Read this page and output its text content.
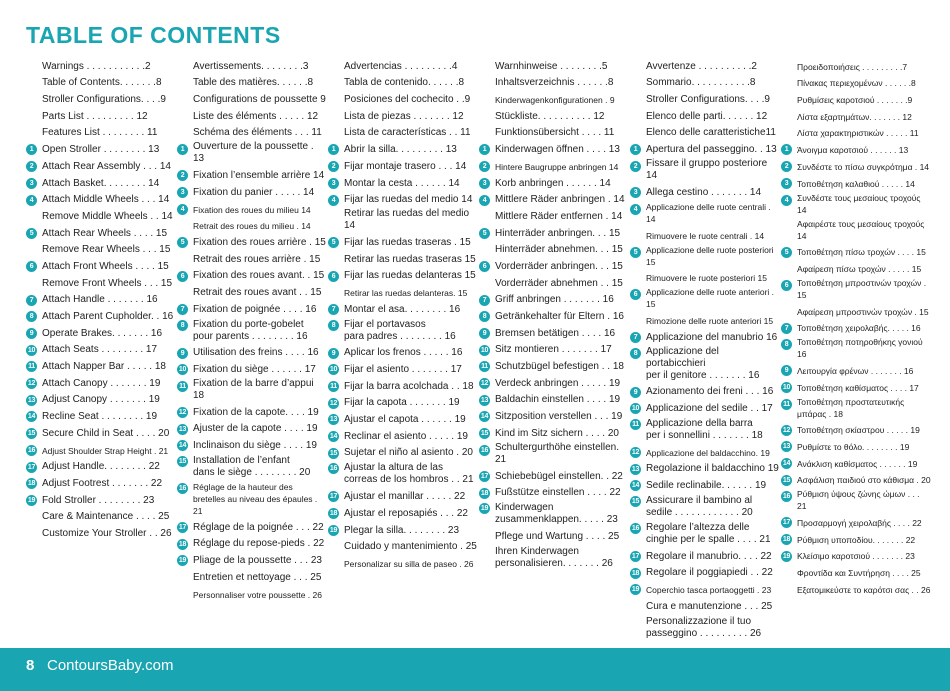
TABLE OF CONTENTS
Warnings . . . . . . . . . . .2
Table of Contents. . . . . . .8
Stroller Configurations. . . .9
Parts List . . . . . . . . . 12
Features List . . . . . . . . 11
1 Open Stroller . . . . . . . . 13
2 Attach Rear Assembly . . . 14
3 Attach Basket. . . . . . . . 14
4 Attach Middle Wheels . . . 14
Remove Middle Wheels . . 14
5 Attach Rear Wheels . . . . 15
Remove Rear Wheels . . . 15
6 Attach Front Wheels . . . . 15
Remove Front Wheels . . . 15
7 Attach Handle . . . . . . . 16
8 Attach Parent Cupholder. . 16
9 Operate Brakes. . . . . . . 16
10 Attach Seats . . . . . . . . 17
11 Attach Napper Bar . . . . . 18
12 Attach Canopy . . . . . . . 19
13 Adjust Canopy . . . . . . . 19
14 Recline Seat . . . . . . . . 19
15 Secure Child in Seat . . . . 20
16 Adjust Shoulder Strap Height . 21
17 Adjust Handle. . . . . . . . 22
18 Adjust Footrest . . . . . . . 22
19 Fold Stroller . . . . . . . . 23
Care & Maintenance . . . . 25
Customize Your Stroller . . 26
Avertissements. . . . . . . .3
Table des matières. . . . . .8
Configurations de poussette 9
Liste des éléments . . . . . 12
Schéma des éléments . . . 11
1 Ouverture de la poussette . 13
2 Fixation l’ensemble arrière 14
3 Fixation du panier . . . . . 14
4	Fixation des roues du milieu 14
Retrait des roues du milieu . 14
5 Fixation des roues arrière . 15
Retrait des roues arrière . 15
6 Fixation des roues avant. . 15
Retrait des roues avant . . 15
7 Fixation de poignée . . . . 16
8 Fixation du porte-gobelet
pour parents . . . . . . . . 16
9 Utilisation des freins . . . . 16
10 Fixation du siège . . . . . . 17
11 Fixation de la barre d’appui 18
12 Fixation de la capote. . . . 19
13 Ajuster de la capote . . . . 19
14 Inclinaison du siège . . . . 19
15 Installation de l’enfant
dans le siège . . . . . . . . 20
16 Réglage de la hauteur des
bretelles au niveau des épaules . 21
17 Réglage de la poignée . . . 22
18 Réglage du repose-pieds . 22
19 Pliage de la poussette . . . 23
Entretien et nettoyage . . . 25
Personnaliser votre poussette . 26
Advertencias . . . . . . . . .4
Tabla de contenido. . . . . .8
Posiciones del cochecito . .9
Lista de piezas . . . . . . . 12
Lista de características . . 11
1 Abrir la silla. . . . . . . . . 13
2 Fijar montaje trasero . . . 14
3 Montar la cesta . . . . . . 14
4 Fijar las ruedas del medio 14
Retirar las ruedas del medio 14
5 Fijar las ruedas traseras . 15
Retirar las ruedas traseras 15
6 Fijar las ruedas delanteras 15
Retirar las ruedas delanteras. 15
7 Montar el asa. . . . . . . . 16
8 Fijar el portavasos
para padres . . . . . . . . 16
9 Aplicar los frenos . . . . . 16
10 Fijar el asiento . . . . . . . 17
11 Fijar la barra acolchada . . 18
12 Fijar la capota . . . . . . . 19
13 Ajustar el capota . . . . . . 19
14 Reclinar el asiento . . . . . 19
15 Sujetar el niño al asiento . 20
16 Ajustar la altura de las
correas de los hombros . . 21
17 Ajustar el manillar . . . . . 22
18 Ajustar el reposapiés . . . 22
19 Plegar la silla. . . . . . . . 23
Cuidado y mantenimiento . 25
Personalizar su silla de paseo . 26
Warnhinweise . . . . . . . .5
Inhaltsverzeichnis . . . . . .8
Kinderwagenkonfigurationen . 9
Stückliste. . . . . . . . . . 12
Funktionsübersicht . . . . 11
1 Kinderwagen öffnen . . . . 13
2	Hintere Baugruppe anbringen 14
3 Korb anbringen . . . . . . 14
4 Mittlere Räder anbringen . 14
Mittlere Räder entfernen . 14
5 Hinterräder anbringen. . . 15
Hinterräder abnehmen. . . 15
6 Vorderräder anbringen. . . 15
Vorderräder abnehmen . . 15
7 Griff anbringen . . . . . . . 16
8 Getränkehalter für Eltern . 16
9 Bremsen betätigen . . . . 16
10 Sitz montieren . . . . . . . 17
11 Schutzbügel befestigen . . 18
12 Verdeck anbringen . . . . . 19
13 Baldachin einstellen . . . . 19
14 Sitzposition verstellen . . . 19
15 Kind im Sitz sichern . . . . 20
16 Schultergurthöhe einstellen. 21
17 Schiebebügel einstellen. . 22
18 Fußstütze einstellen . . . . 22
19 Kinderwagen
zusammenklappen. . . . . 23
Pflege und Wartung . . . . 25
Ihren Kinderwagen
personalisieren. . . . . . . 26
Avvertenze . . . . . . . . . .2
Sommario. . . . . . . . . . .8
Stroller Configurations. . . .9
Elenco delle parti. . . . . . 12
Elenco delle caratteristiche11
1 Apertura del passeggino. . 13
2 Fissare il gruppo posteriore 14
3 Allega cestino . . . . . . . 14
4	Applicazione delle ruote centrali . 14
Rimuovere le ruote centrali . 14
5	Applicazione delle ruote posteriori 15
Rimuovere le ruote posteriori 15
6	Applicazione delle ruote anteriori . 15
Rimozione delle ruote anteriori 15
7 Applicazione del manubrio 16
8 Applicazione del portabicchieri
per il genitore . . . . . . . 16
9 Azionamento dei freni . . . 16
10 Applicazione del sedile . . 17
11 Applicazione della barra
per i sonnellini . . . . . . . 18
12 Applicazione del baldacchino. 19
13 Regolazione il baldacchino 19
14 Sedile reclinabile. . . . . . 19
15 Assicurare il bambino al
sedile . . . . . . . . . . . . 20
16 Regolare l’altezza delle
cinghie per le spalle . . . . 21
17 Regolare il manubrio. . . . 22
18 Regolare il poggiapiedi . . 22
19 Coperchio tasca portaoggetti . 23
Cura e manutenzione . . . 25
Personalizzazione il tuo
passeggino . . . . . . . . . 26
Προειδοποιήσεις . . . . . . . . .7
Πίνακας περιεχομένων . . . . . .8
Ρυθμίσεις καροτσιού . . . . . . .9
Λίστα εξαρτημάτων. . . . . . . 12
Λίστα χαρακτηριστικών . . . . . 11
1	Άνοιγμα καροτσιού . . . . . . 13
2	Συνδέστε το πίσω συγκρότημα . 14
3	Τοποθέτηση καλαθιού . . . . . 14
4	Συνδέστε τους μεσαίους τροχούς 14
Αφαιρέστε τους μεσαίους τροχούς 14
5	Τοποθέτηση πίσω τροχών . . . . 15
Αφαίρεση πίσω τροχών . . . . . 15
6	Τοποθέτηση μπροστινών τροχών . 15
Αφαίρεση μπροστινών τροχών . 15
7	Τοποθέτηση χειρολαβής. . . . . 16
8	Τοποθέτηση ποτηροθήκης γονιού 16
9	Λειτουργία φρένων . . . . . . . 16
10 Τοποθέτηση καθίσματος . . . . 17
11 Τοποθέτηση προστατευτικής μπάρας . 18
12 Τοποθέτηση σκίαστρου . . . . . 19
13 Ρυθμίστε το θόλο. . . . . . . . 19
14 Ανάκλιση καθίσματος . . . . . . 19
15 Ασφάλιση παιδιού στο κάθισμα . 20
16 Ρύθμιση ύψους ζώνης ώμων . . . 21
17 Προσαρμογή χειρολαβής . . . . 22
18 Ρύθμιση υποποδίου. . . . . . . 22
19 Κλείσιμο καροτσιού . . . . . . . 23
Φροντίδα και Συντήρηση . . . . 25
Εξατομικεύστε το καρότσι σας . . 26
8 ContoursBaby.com
